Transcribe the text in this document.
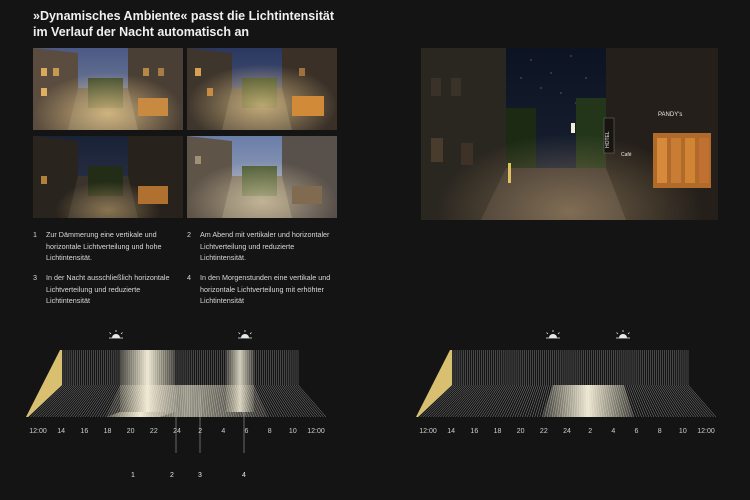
»Dynamisches Ambiente« passt die Lichtintensität
im Verlauf der Nacht automatisch an
HOTEL
PANDY's
Café
1 Zur Dämmerung eine vertikale und horizontale Lichtverteilung und hohe Lichtintensität.
2 Am Abend mit vertikaler und horizontaler Lichtverteilung und reduzierte Lichtintensität.
3 In der Nacht ausschließlich horizontale Lichtverteilung und reduzierte Lichtintensität
4 In den Morgenstunden eine vertikale und horizontale Lichtverteilung mit erhöhter Lichtintensität
12:00 14 16 18 20 22 24 2	4	6	8 10 12:00
1	2	3	4
12:00 14 16 18 20 22 24 2	4	6	8 10 12:00
